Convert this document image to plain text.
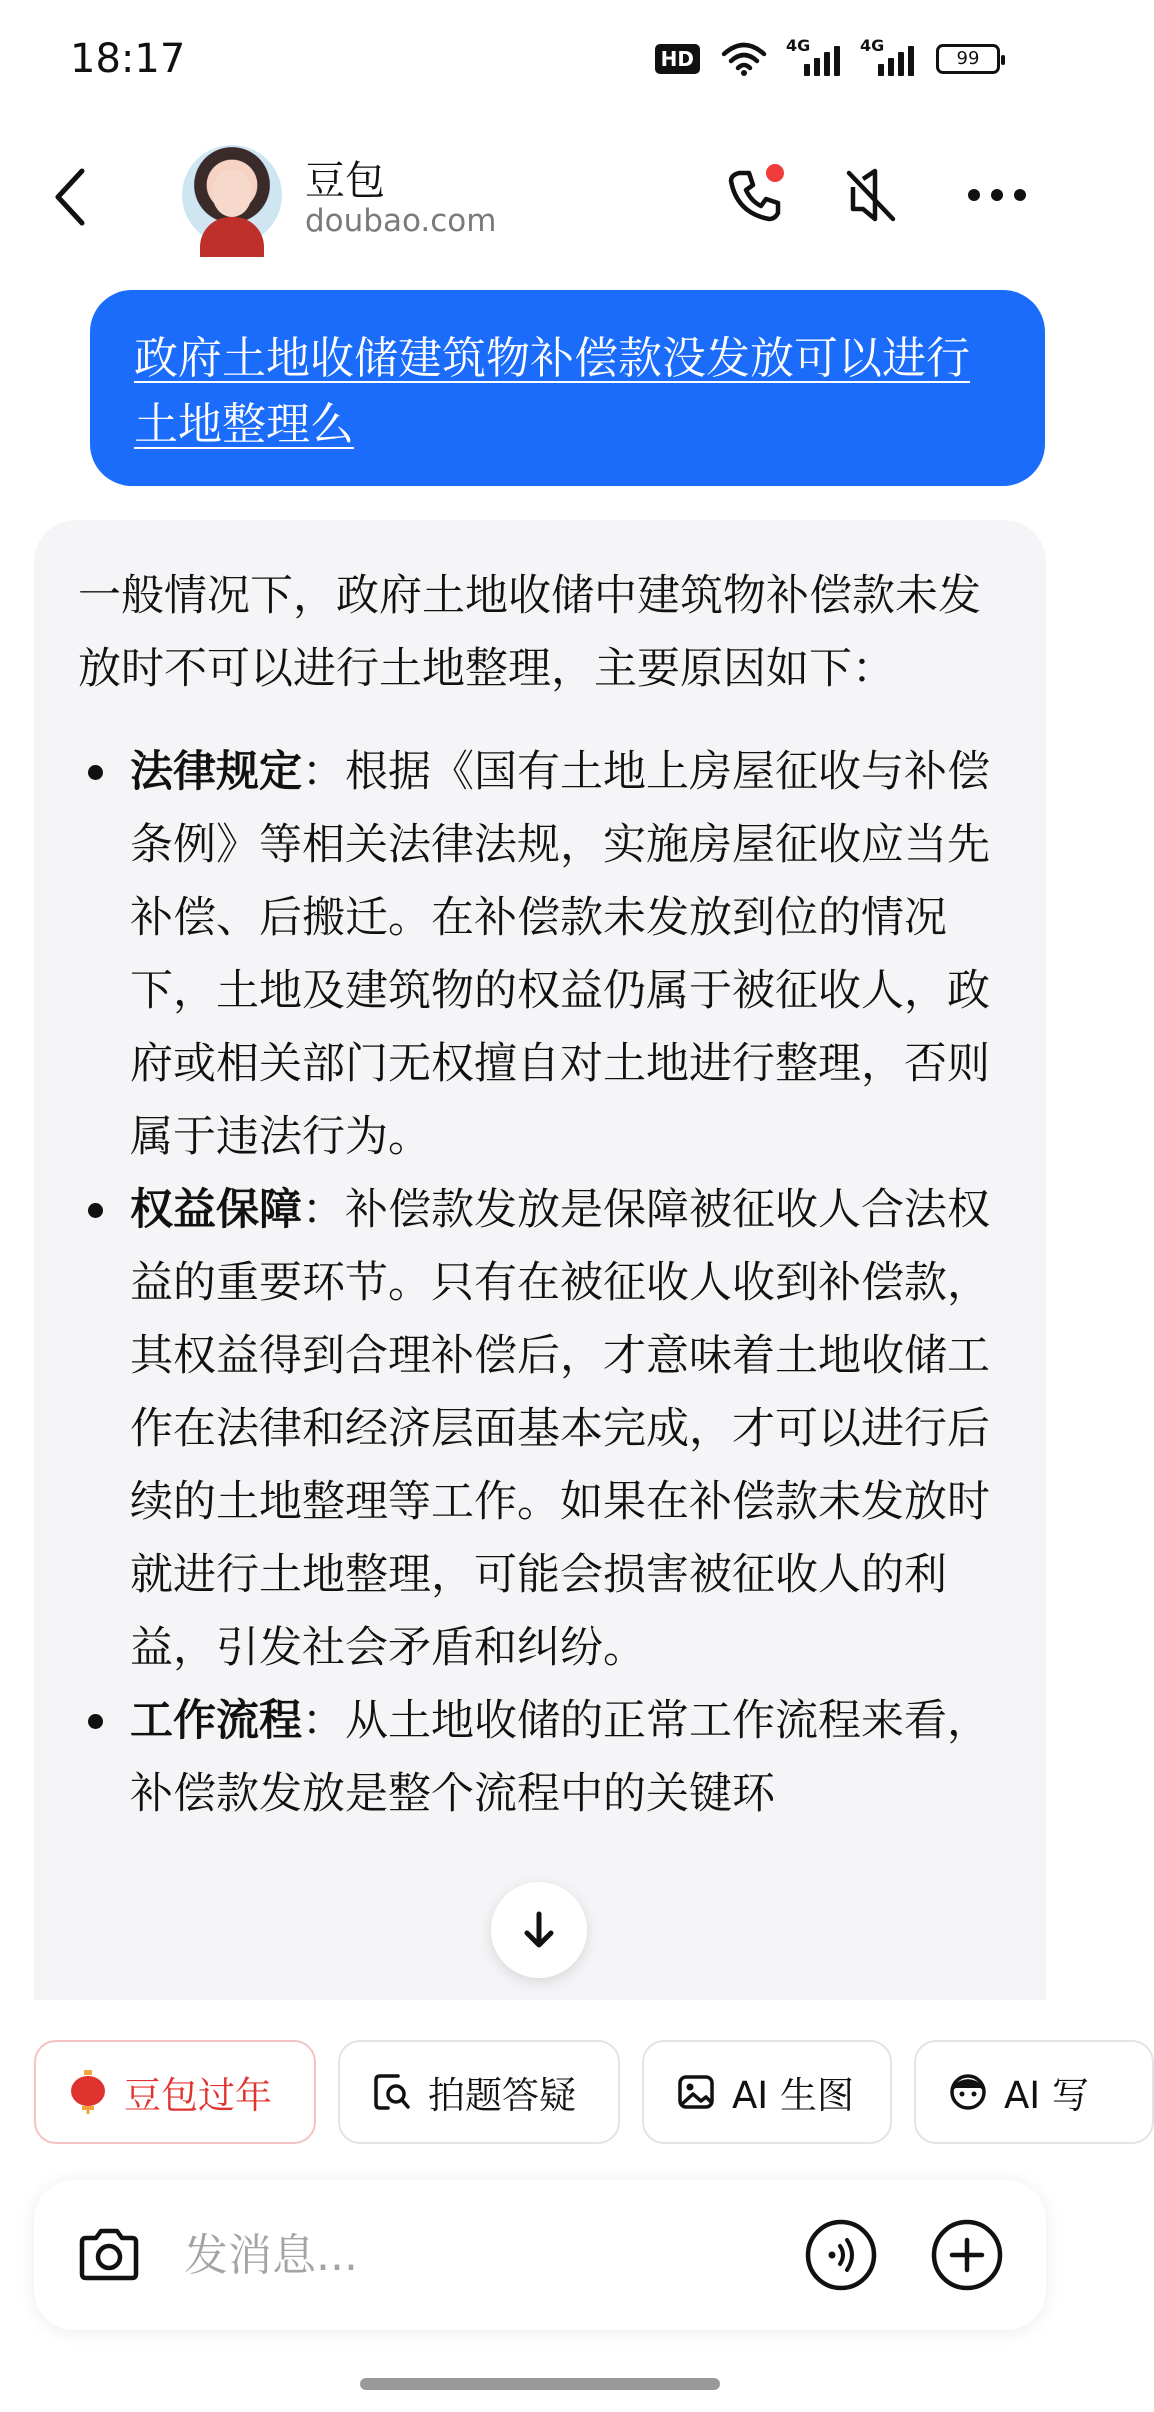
18:17	HD
4G	4G
99
豆包
doubao.com
政府土地收储建筑物补偿款没发放可以进行土地整理么
一般情况下，政府土地收储中建筑物补偿款未发放时不可以进行土地整理，主要原因如下：
法律规定：根据《国有土地上房屋征收与补偿条例》等相关法律法规，实施房屋征收应当先补偿、后搬迁。在补偿款未发放到位的情况下，土地及建筑物的权益仍属于被征收人，政府或相关部门无权擅自对土地进行整理，否则属于违法行为。
权益保障：补偿款发放是保障被征收人合法权益的重要环节。只有在被征收人收到补偿款，其权益得到合理补偿后，才意味着土地收储工作在法律和经济层面基本完成，才可以进行后续的土地整理等工作。如果在补偿款未发放时就进行土地整理，可能会损害被征收人的利益，引发社会矛盾和纠纷。
工作流程：从土地收储的正常工作流程来看，补偿款发放是整个流程中的关键环
豆包过年	拍题答疑	AI 生图	AI 写
发消息...
